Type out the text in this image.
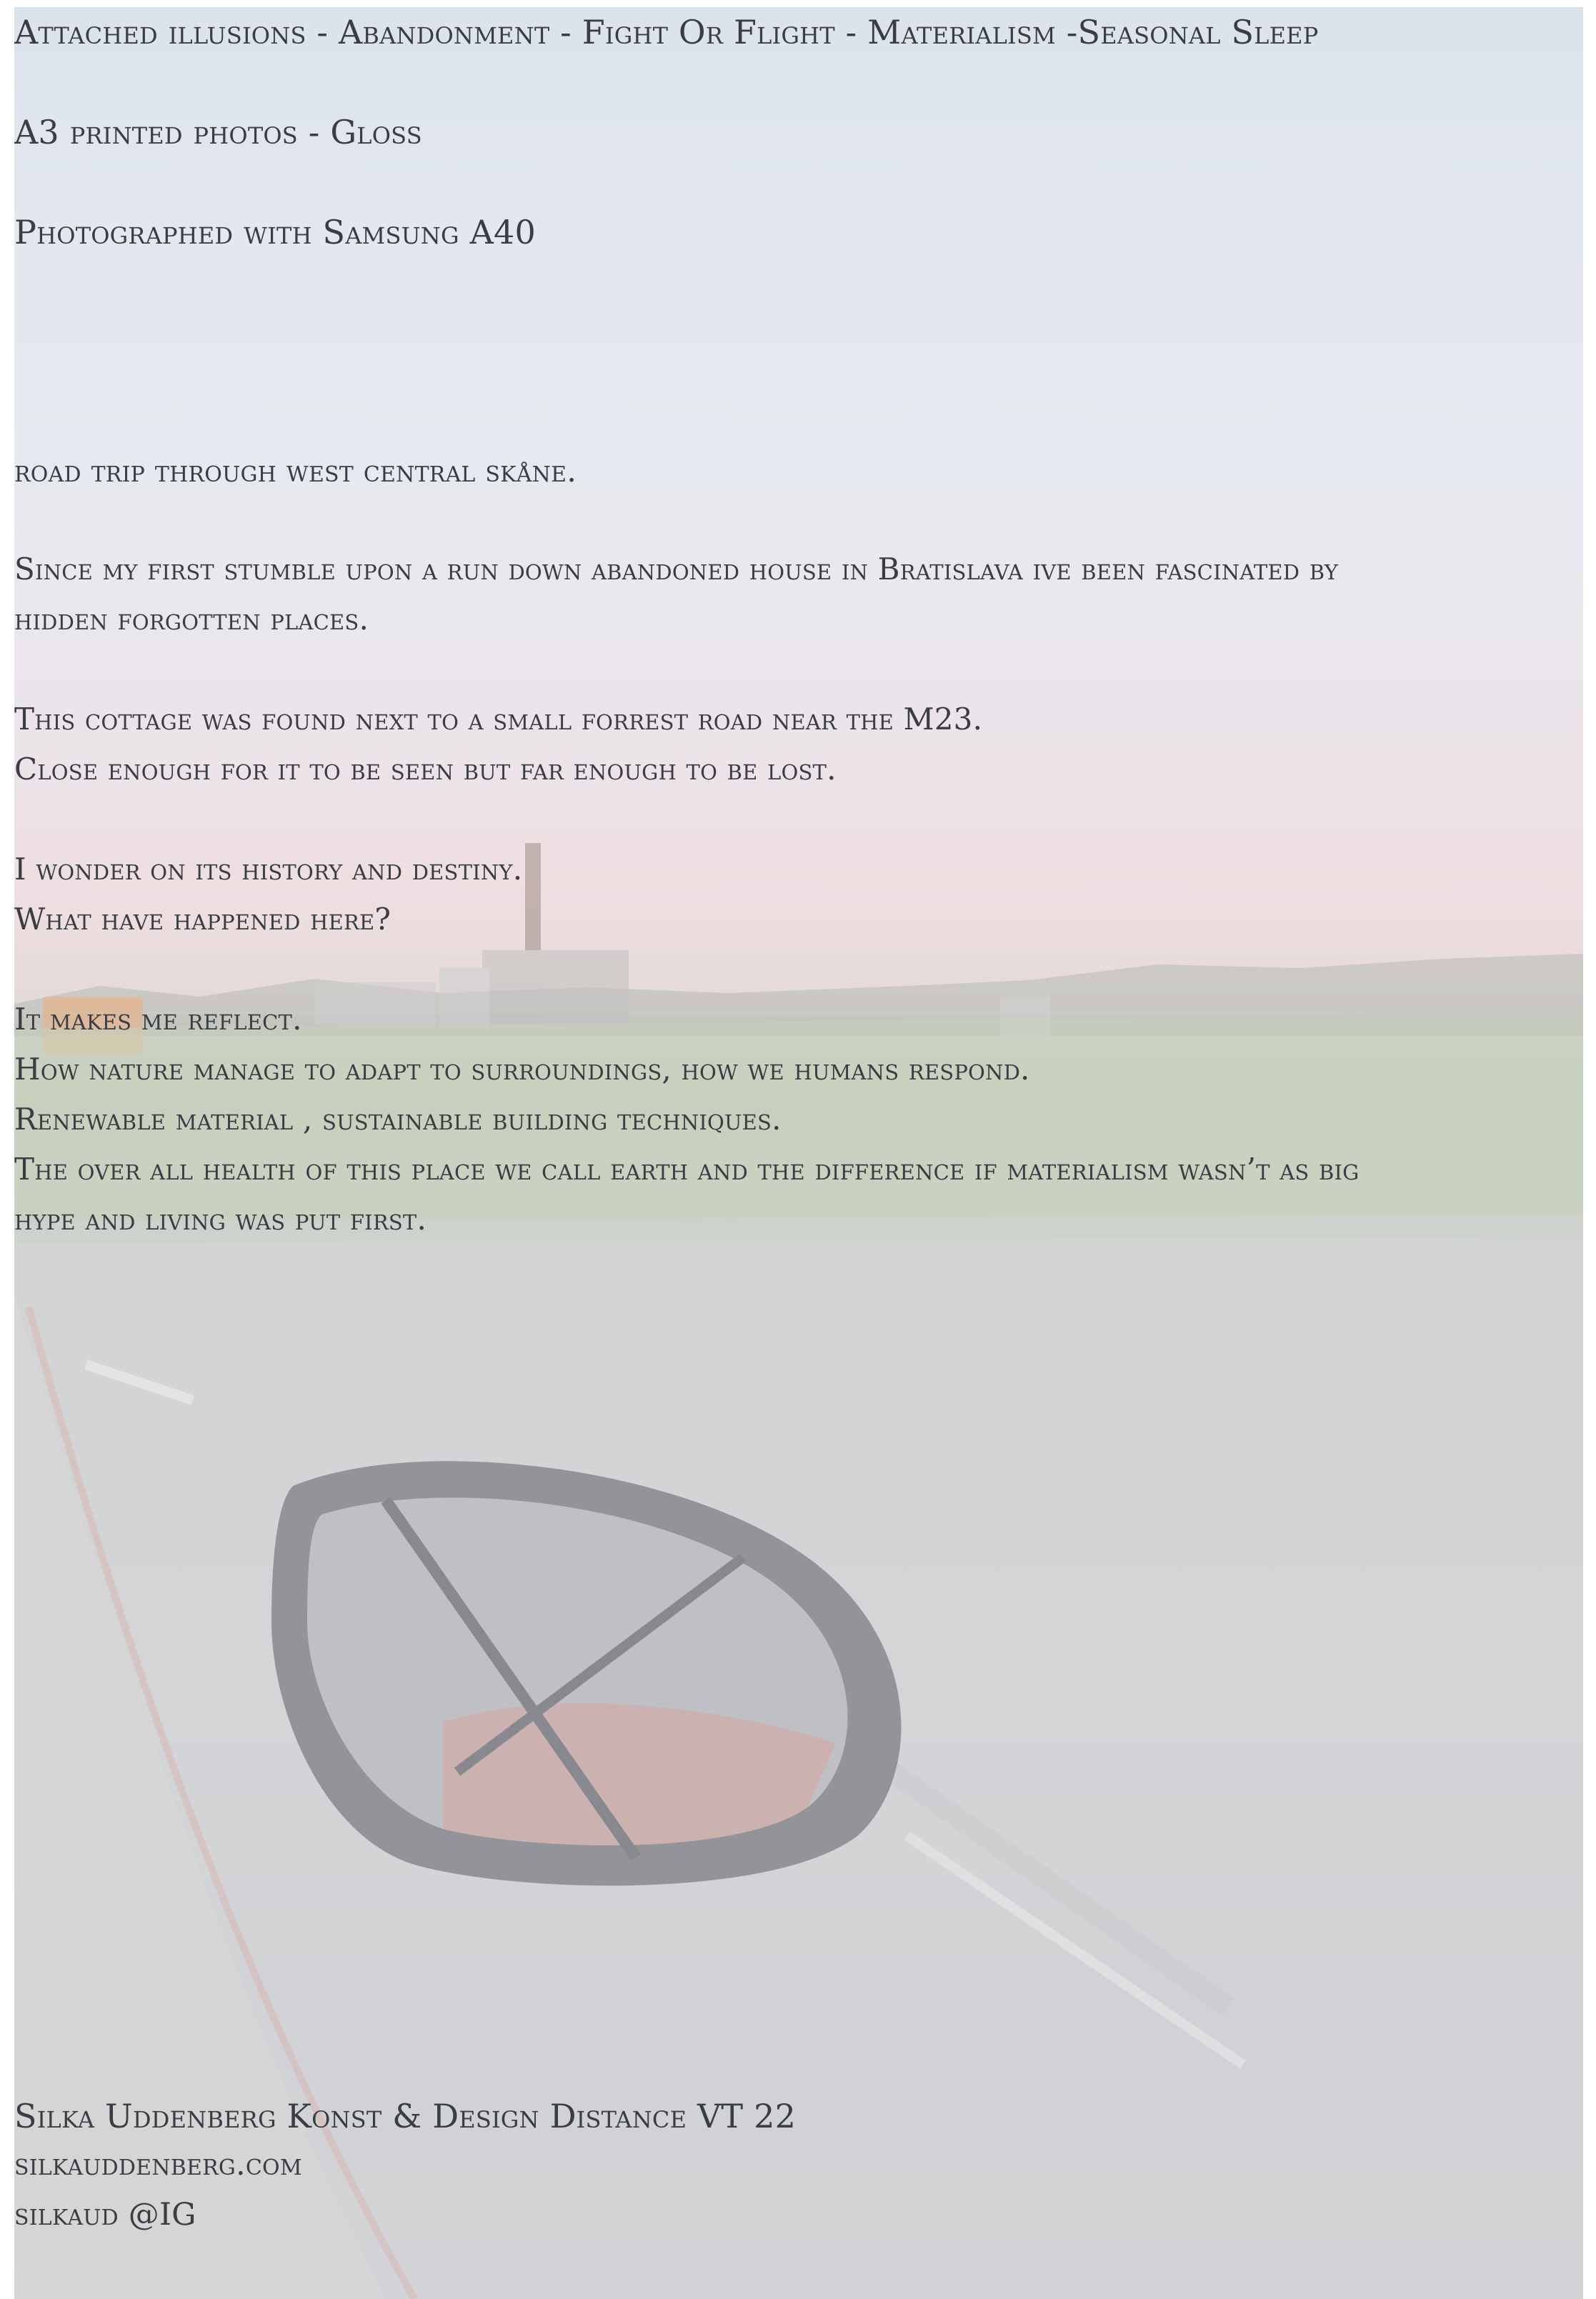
Attached illusions - Abandonment - Fight Or Flight - Materialism -Seasonal Sleep

A3 printed photos - Gloss

Photographed with Samsung A40

road trip through west central skåne.

Since my first stumble upon a run down abandoned house in Bratislava ive been fascinated by

hidden forgotten places.

This cottage was found next to a small forrest road near the M23.

Close enough for it to be seen but far enough to be lost.

I wonder on its history and destiny.

What have happened here?

It makes me reflect.

How nature manage to adapt to surroundings, how we humans respond.

Renewable material , sustainable building techniques.

The over all health of this place we call earth and the difference if materialism wasn’t as big

hype and living was put first.

Silka Uddenberg Konst & Design Distance VT 22

silkauddenberg.com

silkaud @IG
